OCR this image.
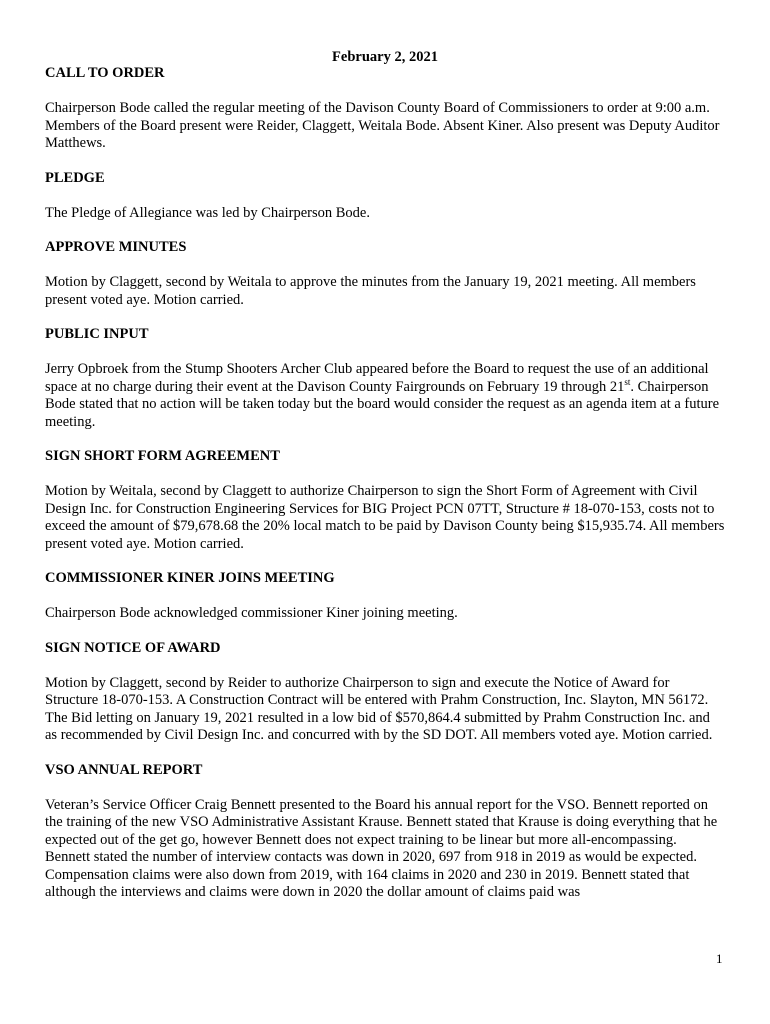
February 2, 2021
CALL TO ORDER
Chairperson Bode called the regular meeting of the Davison County Board of Commissioners to order at 9:00 a.m. Members of the Board present were Reider, Claggett, Weitala Bode. Absent Kiner. Also present was Deputy Auditor Matthews.
PLEDGE
The Pledge of Allegiance was led by Chairperson Bode.
APPROVE MINUTES
Motion by Claggett, second by Weitala to approve the minutes from the January 19, 2021 meeting. All members present voted aye. Motion carried.
PUBLIC INPUT
Jerry Opbroek from the Stump Shooters Archer Club appeared before the Board to request the use of an additional space at no charge during their event at the Davison County Fairgrounds on February 19 through 21st. Chairperson Bode stated that no action will be taken today but the board would consider the request as an agenda item at a future meeting.
SIGN SHORT FORM AGREEMENT
Motion by Weitala, second by Claggett to authorize Chairperson to sign the Short Form of Agreement with Civil Design Inc. for Construction Engineering Services for BIG Project PCN 07TT, Structure # 18-070-153, costs not to exceed the amount of $79,678.68 the 20% local match to be paid by Davison County being $15,935.74. All members present voted aye. Motion carried.
COMMISSIONER KINER JOINS MEETING
Chairperson Bode acknowledged commissioner Kiner joining meeting.
SIGN NOTICE OF AWARD
Motion by Claggett, second by Reider to authorize Chairperson to sign and execute the Notice of Award for Structure 18-070-153. A Construction Contract will be entered with Prahm Construction, Inc. Slayton, MN 56172. The Bid letting on January 19, 2021 resulted in a low bid of $570,864.4 submitted by Prahm Construction Inc. and as recommended by Civil Design Inc. and concurred with by the SD DOT. All members voted aye. Motion carried.
VSO ANNUAL REPORT
Veteran’s Service Officer Craig Bennett presented to the Board his annual report for the VSO. Bennett reported on the training of the new VSO Administrative Assistant Krause. Bennett stated that Krause is doing everything that he expected out of the get go, however Bennett does not expect training to be linear but more all-encompassing. Bennett stated the number of interview contacts was down in 2020, 697 from 918 in 2019 as would be expected. Compensation claims were also down from 2019, with 164 claims in 2020 and 230 in 2019. Bennett stated that although the interviews and claims were down in 2020 the dollar amount of claims paid was
1
